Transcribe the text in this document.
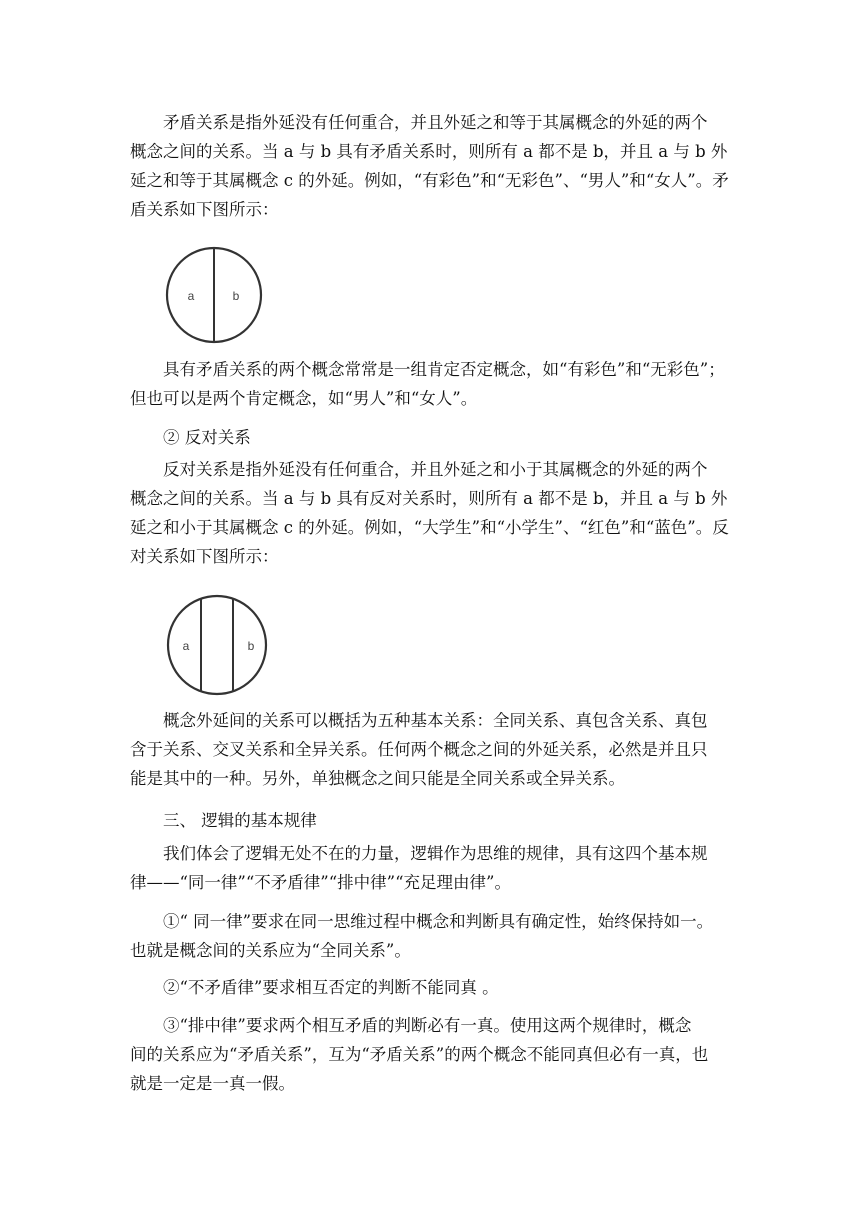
矛盾关系是指外延没有任何重合，并且外延之和等于其属概念的外延的两个
概念之间的关系。当 a 与 b 具有矛盾关系时，则所有 a 都不是 b，并且 a 与 b 外
延之和等于其属概念 c 的外延。例如，“有彩色”和“无彩色”、“男人”和“女人”。矛
盾关系如下图所示：
a	b
具有矛盾关系的两个概念常常是一组肯定否定概念，如“有彩色”和“无彩色”；
但也可以是两个肯定概念，如“男人”和“女人”。
② 反对关系
反对关系是指外延没有任何重合，并且外延之和小于其属概念的外延的两个
概念之间的关系。当 a 与 b 具有反对关系时，则所有 a 都不是 b，并且 a 与 b 外
延之和小于其属概念 c 的外延。例如，“大学生”和“小学生”、“红色”和“蓝色”。反
对关系如下图所示：
a	b
概念外延间的关系可以概括为五种基本关系：全同关系、真包含关系、真包
含于关系、交叉关系和全异关系。任何两个概念之间的外延关系，必然是并且只
能是其中的一种。另外，单独概念之间只能是全同关系或全异关系。
三、 逻辑的基本规律
我们体会了逻辑无处不在的力量，逻辑作为思维的规律，具有这四个基本规
律——“同一律”“不矛盾律”“排中律”“充足理由律”。
①“ 同一律”要求在同一思维过程中概念和判断具有确定性，始终保持如一。
也就是概念间的关系应为“全同关系”。
②“不矛盾律”要求相互否定的判断不能同真 。
③“排中律”要求两个相互矛盾的判断必有一真。使用这两个规律时，概念
间的关系应为“矛盾关系”，互为“矛盾关系”的两个概念不能同真但必有一真，也
就是一定是一真一假。
